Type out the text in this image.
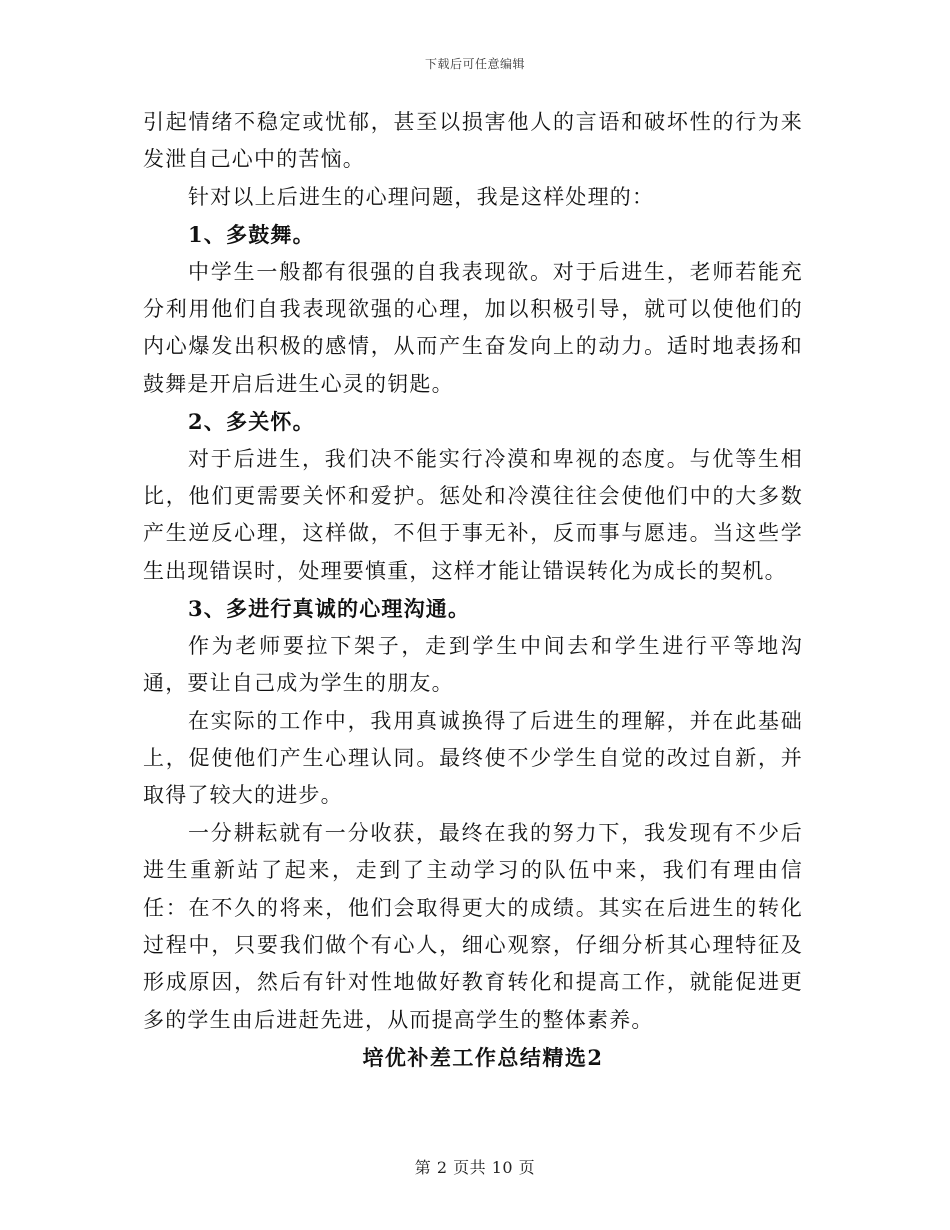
下载后可任意编辑

引起情绪不稳定或忧郁，甚至以损害他人的言语和破坏性的行为来发泄自己心中的苦恼。

针对以上后进生的心理问题，我是这样处理的：

1、多鼓舞。

中学生一般都有很强的自我表现欲。对于后进生，老师若能充分利用他们自我表现欲强的心理，加以积极引导，就可以使他们的内心爆发出积极的感情，从而产生奋发向上的动力。适时地表扬和鼓舞是开启后进生心灵的钥匙。

2、多关怀。

对于后进生，我们决不能实行冷漠和卑视的态度。与优等生相比，他们更需要关怀和爱护。惩处和冷漠往往会使他们中的大多数产生逆反心理，这样做，不但于事无补，反而事与愿违。当这些学生出现错误时，处理要慎重，这样才能让错误转化为成长的契机。

3、多进行真诚的心理沟通。

作为老师要拉下架子，走到学生中间去和学生进行平等地沟通，要让自己成为学生的朋友。

在实际的工作中，我用真诚换得了后进生的理解，并在此基础上，促使他们产生心理认同。最终使不少学生自觉的改过自新，并取得了较大的进步。

一分耕耘就有一分收获，最终在我的努力下，我发现有不少后进生重新站了起来，走到了主动学习的队伍中来，我们有理由信任：在不久的将来，他们会取得更大的成绩。其实在后进生的转化过程中，只要我们做个有心人，细心观察，仔细分析其心理特征及形成原因，然后有针对性地做好教育转化和提高工作，就能促进更多的学生由后进赶先进，从而提高学生的整体素养。

培优补差工作总结精选2

第 2 页共 10 页
